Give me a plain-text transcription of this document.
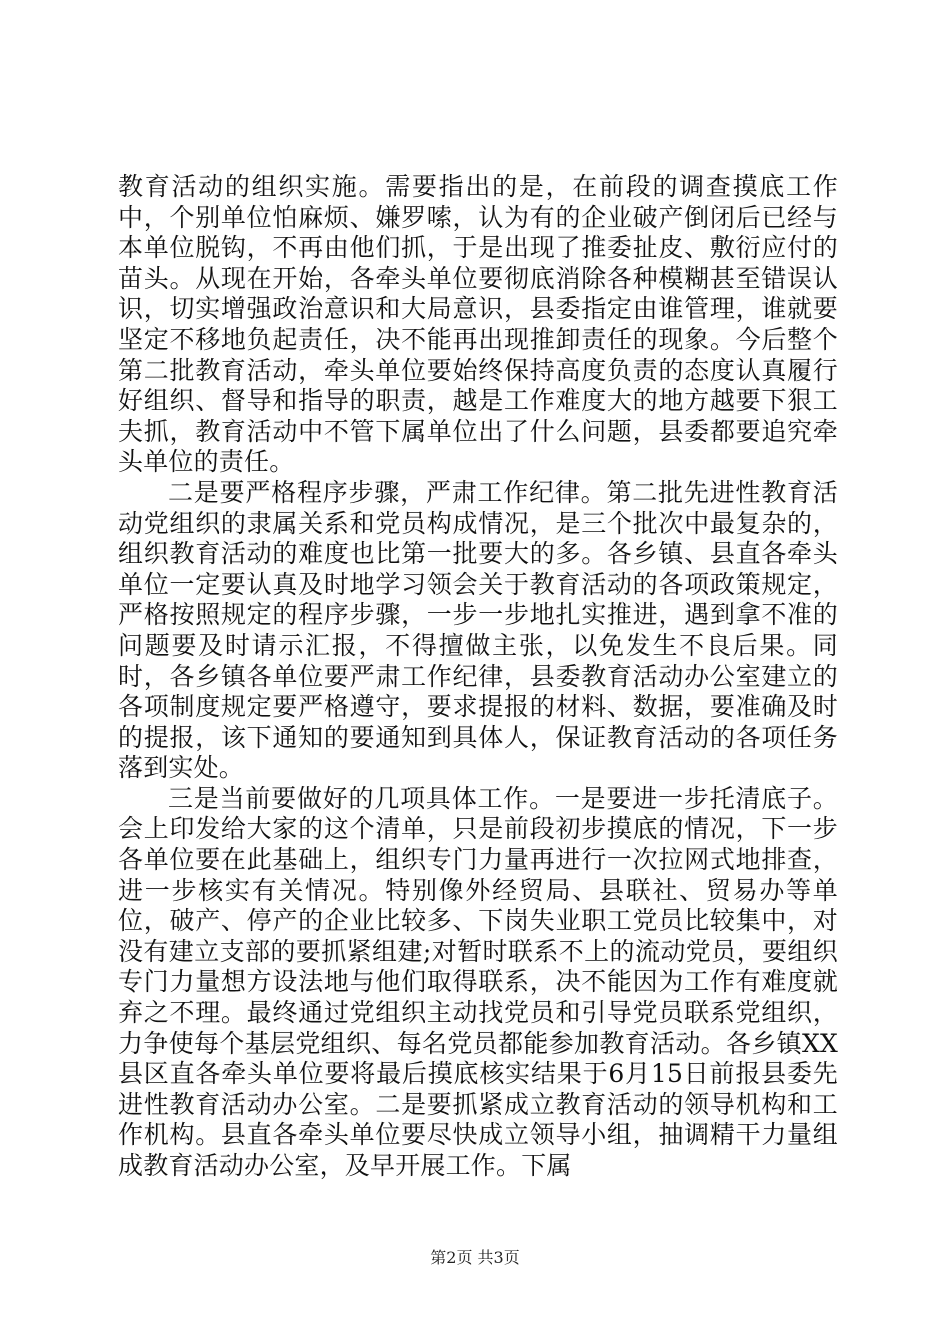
教育活动的组织实施。需要指出的是，在前段的调查摸底工作中，个别单位怕麻烦、嫌罗嗦，认为有的企业破产倒闭后已经与本单位脱钩，不再由他们抓，于是出现了推委扯皮、敷衍应付的苗头。从现在开始，各牵头单位要彻底消除各种模糊甚至错误认识，切实增强政治意识和大局意识，县委指定由谁管理，谁就要坚定不移地负起责任，决不能再出现推卸责任的现象。今后整个第二批教育活动，牵头单位要始终保持高度负责的态度认真履行好组织、督导和指导的职责，越是工作难度大的地方越要下狠工夫抓，教育活动中不管下属单位出了什么问题，县委都要追究牵头单位的责任。

二是要严格程序步骤，严肃工作纪律。第二批先进性教育活动党组织的隶属关系和党员构成情况，是三个批次中最复杂的，组织教育活动的难度也比第一批要大的多。各乡镇、县直各牵头单位一定要认真及时地学习领会关于教育活动的各项政策规定，严格按照规定的程序步骤，一步一步地扎实推进，遇到拿不准的问题要及时请示汇报，不得擅做主张，以免发生不良后果。同时，各乡镇各单位要严肃工作纪律，县委教育活动办公室建立的各项制度规定要严格遵守，要求提报的材料、数据，要准确及时的提报，该下通知的要通知到具体人，保证教育活动的各项任务落到实处。

三是当前要做好的几项具体工作。一是要进一步托清底子。会上印发给大家的这个清单，只是前段初步摸底的情况，下一步各单位要在此基础上，组织专门力量再进行一次拉网式地排查，进一步核实有关情况。特别像外经贸局、县联社、贸易办等单位，破产、停产的企业比较多、下岗失业职工党员比较集中，对没有建立支部的要抓紧组建;对暂时联系不上的流动党员，要组织专门力量想方设法地与他们取得联系，决不能因为工作有难度就弃之不理。最终通过党组织主动找党员和引导党员联系党组织，力争使每个基层党组织、每名党员都能参加教育活动。各乡镇XX县区直各牵头单位要将最后摸底核实结果于6月15日前报县委先进性教育活动办公室。二是要抓紧成立教育活动的领导机构和工作机构。县直各牵头单位要尽快成立领导小组，抽调精干力量组成教育活动办公室，及早开展工作。下属

第2页 共3页
